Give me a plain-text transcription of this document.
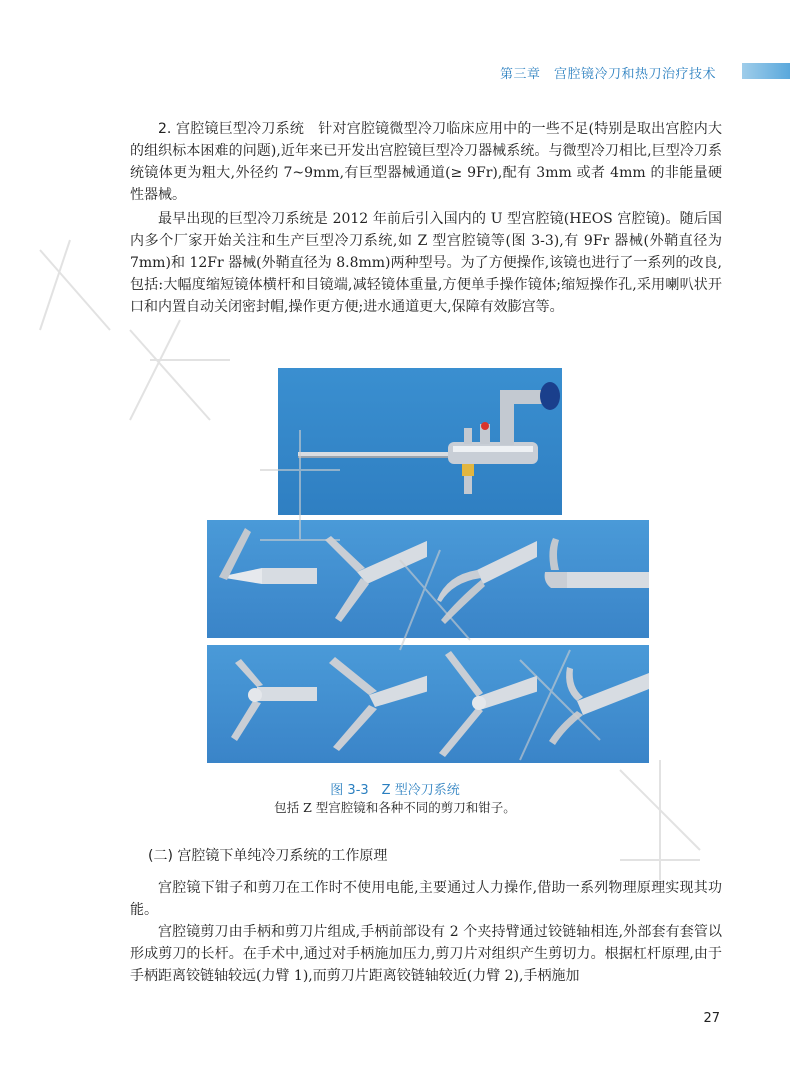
第三章　宫腔镜冷刀和热刀治疗技术

2. 宫腔镜巨型冷刀系统　 针对宫腔镜微型冷刀临床应用中的一些不足(特别是取出宫腔内大的组织标本困难的问题),近年来已开发出宫腔镜巨型冷刀器械系统。与微型冷刀相比,巨型冷刀系统镜体更为粗大,外径约 7~9mm,有巨型器械通道(≥ 9Fr),配有 3mm 或者 4mm 的非能量硬性器械。

最早出现的巨型冷刀系统是 2012 年前后引入国内的 U 型宫腔镜(HEOS 宫腔镜)。随后国内多个厂家开始关注和生产巨型冷刀系统,如 Z 型宫腔镜等(图 3-3),有 9Fr 器械(外鞘直径为 7mm)和 12Fr 器械(外鞘直径为 8.8mm)两种型号。为了方便操作,该镜也进行了一系列的改良,包括:大幅度缩短镜体横杆和目镜端,减轻镜体重量,方便单手操作镜体;缩短操作孔,采用喇叭状开口和内置自动关闭密封帽,操作更方便;进水通道更大,保障有效膨宫等。

图 3-3　Z 型冷刀系统
包括 Z 型宫腔镜和各种不同的剪刀和钳子。
(二) 宫腔镜下单纯冷刀系统的工作原理

宫腔镜下钳子和剪刀在工作时不使用电能,主要通过人力操作,借助一系列物理原理实现其功能。

宫腔镜剪刀由手柄和剪刀片组成,手柄前部设有 2 个夹持臂通过铰链轴相连,外部套有套管以形成剪刀的长杆。在手术中,通过对手柄施加压力,剪刀片对组织产生剪切力。根据杠杆原理,由于手柄距离铰链轴较远(力臂 1),而剪刀片距离铰链轴较近(力臂 2),手柄施加

27
